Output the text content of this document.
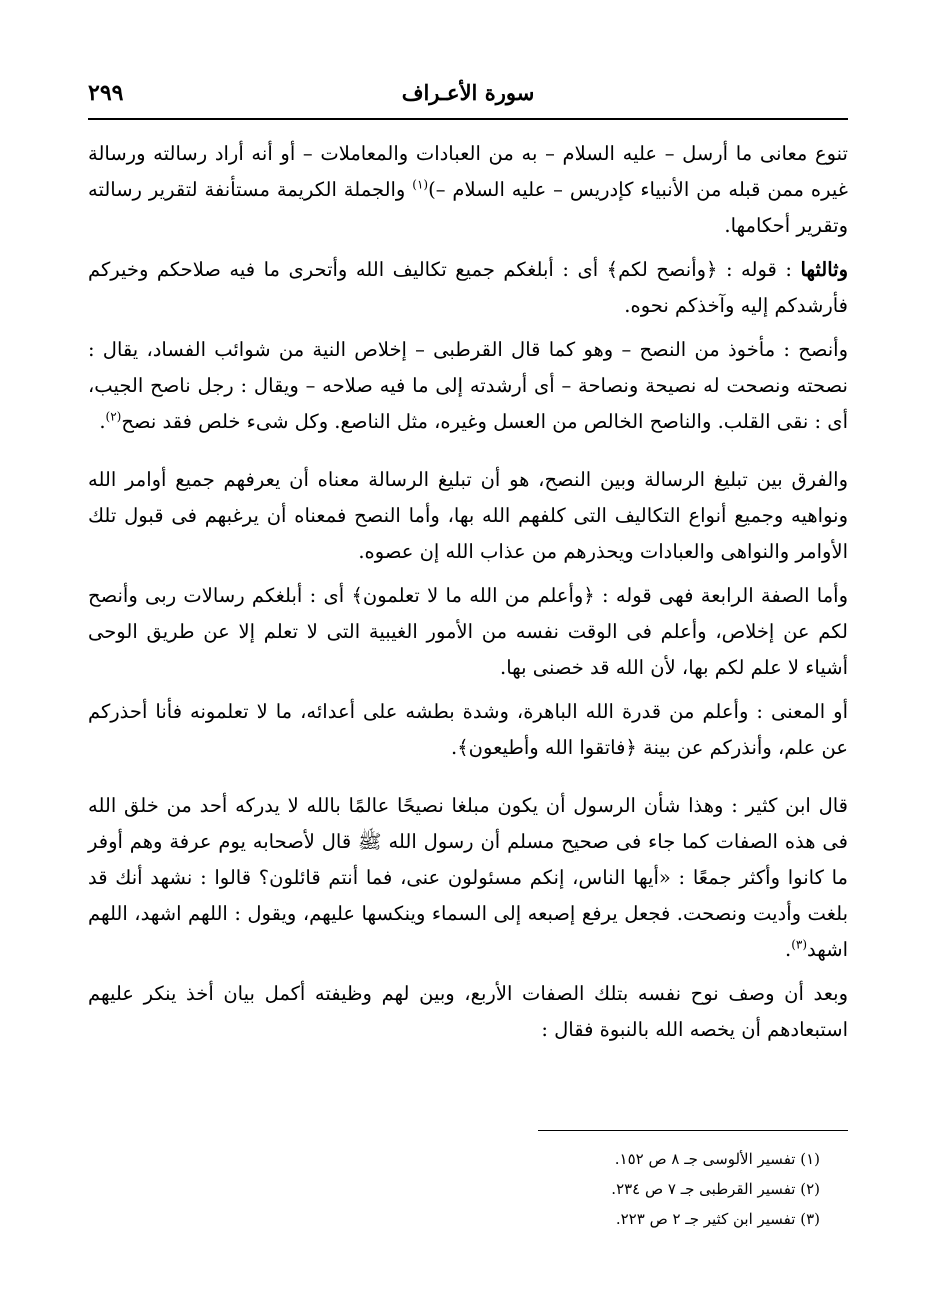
سورة الأعـراف
٢٩٩

تنوع معانى ما أرسل – عليه السلام – به من العبادات والمعاملات – أو أنه أراد رسالته ورسالة غيره ممن قبله من الأنبياء كإدريس – عليه السلام –)$^{(١)}$ والجملة الكريمة مستأنفة لتقرير رسالته وتقرير أحكامها.

وثالثها : قوله : ﴿وأنصح لكم﴾ أى : أبلغكم جميع تكاليف الله وأتحرى ما فيه صلاحكم وخيركم فأرشدكم إليه وآخذكم نحوه.

وأنصح : مأخوذ من النصح – وهو كما قال القرطبى – إخلاص النية من شوائب الفساد، يقال : نصحته ونصحت له نصيحة ونصاحة – أى أرشدته إلى ما فيه صلاحه – ويقال : رجل ناصح الجيب، أى : نقى القلب. والناصح الخالص من العسل وغيره، مثل الناصع. وكل شىء خلص فقد نصح$^{(٢)}$.

والفرق بين تبليغ الرسالة وبين النصح، هو أن تبليغ الرسالة معناه أن يعرفهم جميع أوامر الله ونواهيه وجميع أنواع التكاليف التى كلفهم الله بها، وأما النصح فمعناه أن يرغبهم فى قبول تلك الأوامر والنواهى والعبادات ويحذرهم من عذاب الله إن عصوه.

وأما الصفة الرابعة فهى قوله : ﴿وأعلم من الله ما لا تعلمون﴾ أى : أبلغكم رسالات ربى وأنصح لكم عن إخلاص، وأعلم فى الوقت نفسه من الأمور الغيبية التى لا تعلم إلا عن طريق الوحى أشياء لا علم لكم بها، لأن الله قد خصنى بها.

أو المعنى : وأعلم من قدرة الله الباهرة، وشدة بطشه على أعدائه، ما لا تعلمونه فأنا أحذركم عن علم، وأنذركم عن بينة ﴿فاتقوا الله وأطيعون﴾.

قال ابن كثير : وهذا شأن الرسول أن يكون مبلغا نصيحًا عالمًا بالله لا يدركه أحد من خلق الله فى هذه الصفات كما جاء فى صحيح مسلم أن رسول الله ﷺ قال لأصحابه يوم عرفة وهم أوفر ما كانوا وأكثر جمعًا : «أيها الناس، إنكم مسئولون عنى، فما أنتم قائلون؟ قالوا : نشهد أنك قد بلغت وأديت ونصحت. فجعل يرفع إصبعه إلى السماء وينكسها عليهم، ويقول : اللهم اشهد، اللهم اشهد$^{(٣)}$.

وبعد أن وصف نوح نفسه بتلك الصفات الأربع، وبين لهم وظيفته أكمل بيان أخذ ينكر عليهم استبعادهم أن يخصه الله بالنبوة فقال :

(١) تفسير الألوسى جـ ٨ ص ١٥٢.
(٢) تفسير القرطبى جـ ٧ ص ٢٣٤.
(٣) تفسير ابن كثير جـ ٢ ص ٢٢٣.
